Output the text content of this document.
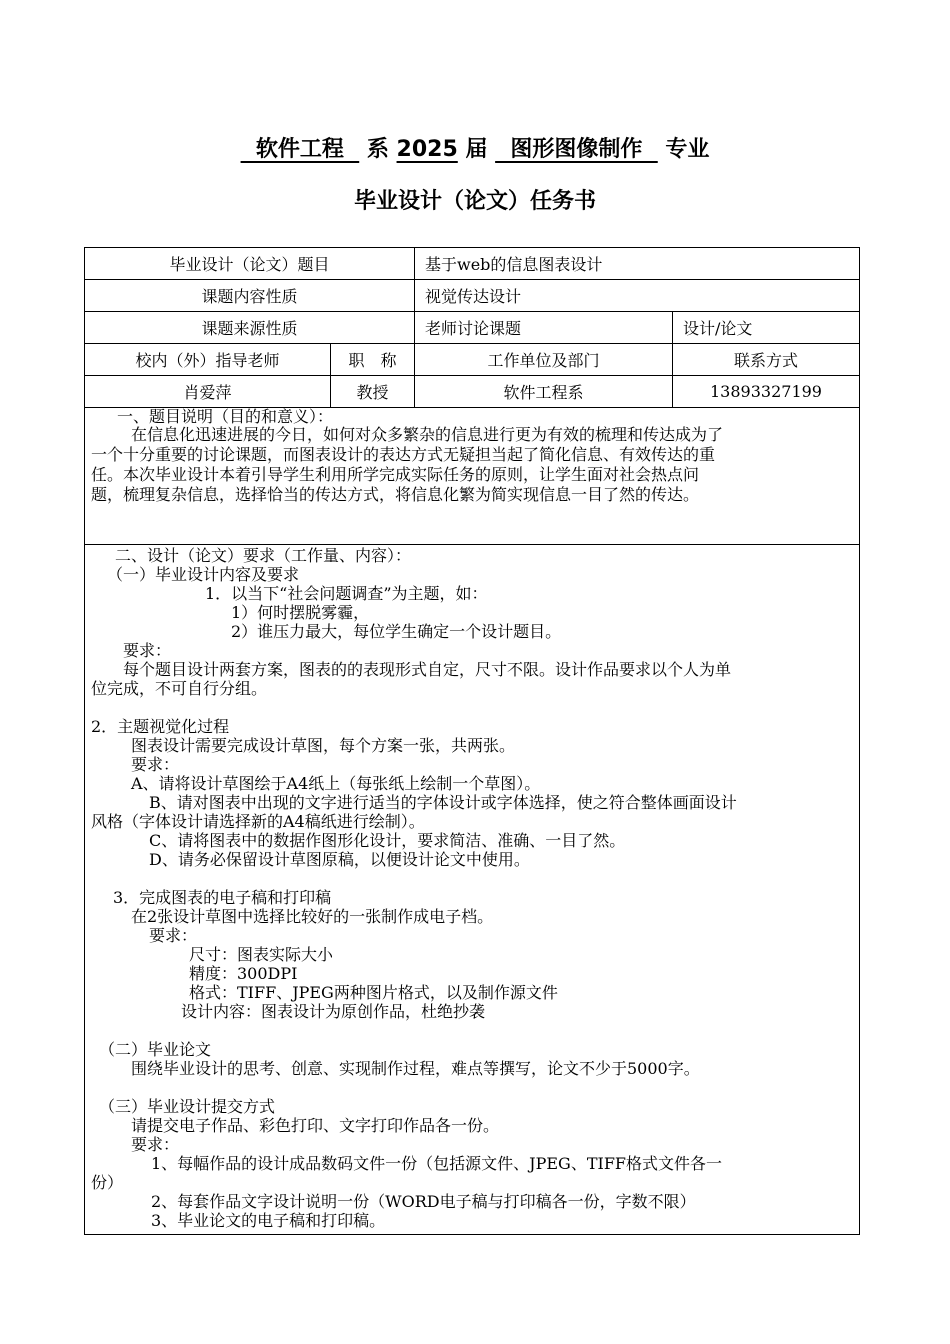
软件工程   系 2025 届   图形图像制作   专业
毕业设计（论文）任务书
毕业设计（论文）题目	基于web的信息图表设计
课题内容性质	视觉传达设计
课题来源性质	老师讨论课题	设计/论文
校内（外）指导老师	职　称	工作单位及部门	联系方式
肖爱萍	教授	软件工程系	13893327199
一、题目说明（目的和意义）：
在信息化迅速进展的今日，如何对众多繁杂的信息进行更为有效的梳理和传达成为了
一个十分重要的讨论课题，而图表设计的表达方式无疑担当起了简化信息、有效传达的重
任。本次毕业设计本着引导学生利用所学完成实际任务的原则，让学生面对社会热点问
题，梳理复杂信息，选择恰当的传达方式，将信息化繁为简实现信息一目了然的传达。
二、设计（论文）要求（工作量、内容）：
（一）毕业设计内容及要求
1．以当下“社会问题调查”为主题，如：
1）何时摆脱雾霾，
2）谁压力最大，每位学生确定一个设计题目。
要求：
每个题目设计两套方案，图表的的表现形式自定，尺寸不限。设计作品要求以个人为单
位完成，不可自行分组。
2．主题视觉化过程
图表设计需要完成设计草图，每个方案一张，共两张。
要求：
A、请将设计草图绘于A4纸上（每张纸上绘制一个草图）。
B、请对图表中出现的文字进行适当的字体设计或字体选择，使之符合整体画面设计
风格（字体设计请选择新的A4稿纸进行绘制）。
C、请将图表中的数据作图形化设计，要求简洁、准确、一目了然。
D、请务必保留设计草图原稿，以便设计论文中使用。
3．完成图表的电子稿和打印稿
在2张设计草图中选择比较好的一张制作成电子档。
要求：
尺寸：图表实际大小
精度：300DPI
格式：TIFF、JPEG两种图片格式，以及制作源文件
设计内容：图表设计为原创作品，杜绝抄袭
（二）毕业论文
围绕毕业设计的思考、创意、实现制作过程，难点等撰写，论文不少于5000字。
（三）毕业设计提交方式
请提交电子作品、彩色打印、文字打印作品各一份。
要求：
1、每幅作品的设计成品数码文件一份（包括源文件、JPEG、TIFF格式文件各一
份）
2、每套作品文字设计说明一份（WORD电子稿与打印稿各一份，字数不限）
3、毕业论文的电子稿和打印稿。
